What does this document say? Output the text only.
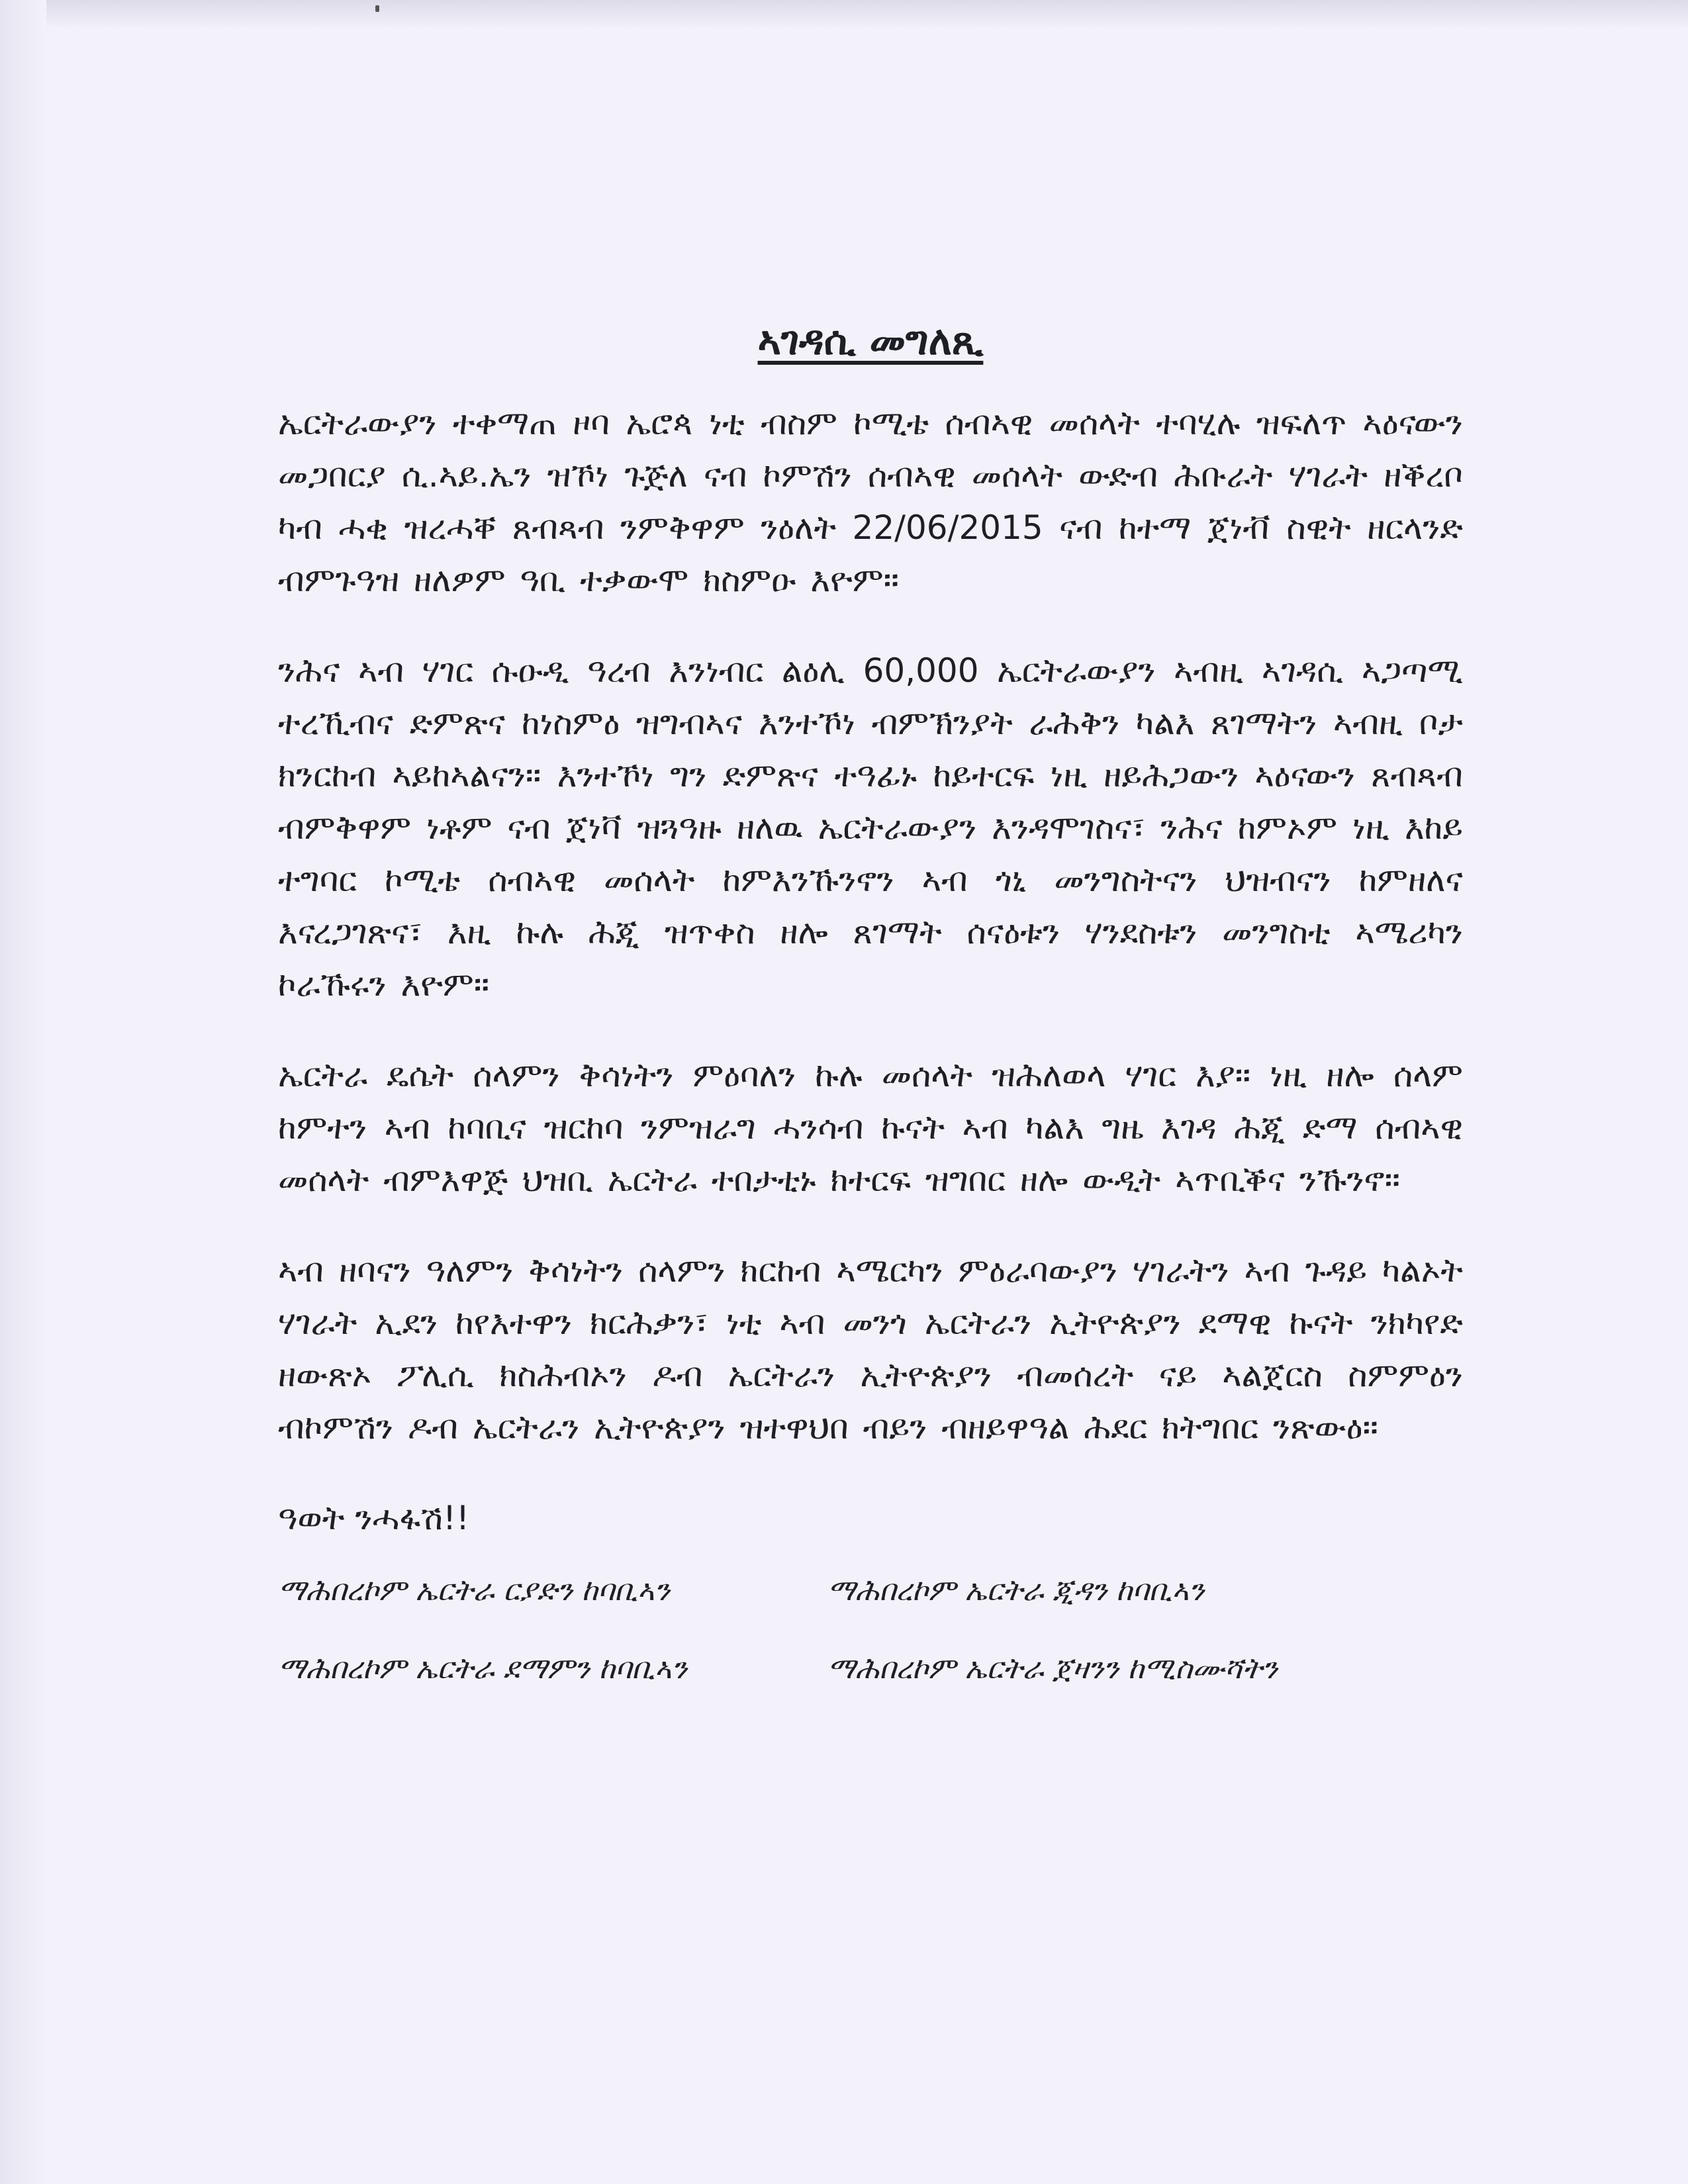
ኣገዳሲ መግለጺ

ኤርትራውያን ተቀማጠ ዞባ ኤሮጳ ነቲ ብስም ኮሚቴ ሰብኣዊ መሰላት ተባሂሉ ዝፍለጥ ኣዕናውን መጋበርያ ሲ.ኣይ.ኤን ዝኾነ ጉጅለ ናብ ኮምሽን ሰብኣዊ መሰላት ውድብ ሕቡራት ሃገራት ዘቕረቦ ካብ ሓቂ ዝረሓቐ ጸብጻብ ንምቅዋም ንዕለት 22/06/2015 ናብ ከተማ ጀነቭ ስዊት ዘርላንድ ብምጉዓዝ ዘለዎም ዓቢ ተቃውሞ ክስምዑ እዮም።

ንሕና ኣብ ሃገር ሱዑዲ ዓረብ እንነብር ልዕሊ 60,000 ኤርትራውያን ኣብዚ ኣገዳሲ ኣጋጣሚ ተረኺብና ድምጽና ከነስምዕ ዝግብኣና እንተኾነ ብምኽንያት ራሕቅን ካልእ ጸገማትን ኣብዚ ቦታ ክንርከብ ኣይከኣልናን። እንተኾነ ግን ድምጽና ተዓፊኑ ከይተርፍ ነዚ ዘይሕጋውን ኣዕናውን ጸብጻብ ብምቅዋም ነቶም ናብ ጀነቫ ዝጓዓዙ ዘለዉ ኤርትራውያን እንዳሞገስና፣ ንሕና ከምኦም ነዚ እከይ ተግባር ኮሚቴ ሰብኣዊ መሰላት ከምእንኹንኖን ኣብ ጎኒ መንግስትናን ህዝብናን ከምዘለና እናረጋገጽና፣ እዚ ኩሉ ሕጂ ዝጥቀስ ዘሎ ጸገማት ሰናዕቱን ሃንደስቱን መንግስቲ ኣሜሪካን ኮራኹሩን እዮም።

ኤርትራ ዴሴት ሰላምን ቅሳነትን ምዕባለን ኩሉ መሰላት ዝሕለወላ ሃገር እያ። ነዚ ዘሎ ሰላም ከምተን ኣብ ከባቢና ዝርከባ ንምዝራግ ሓንሳብ ኩናት ኣብ ካልእ ግዜ እገዳ ሕጂ ድማ ሰብኣዊ መሰላት ብምእዋጅ ህዝቢ ኤርትራ ተበታቲኑ ክተርፍ ዝግበር ዘሎ ውዲት ኣጥቢቕና ንኹንኖ።

ኣብ ዘባናን ዓለምን ቅሳነትን ሰላምን ክርከብ ኣሜርካን ምዕራባውያን ሃገራትን ኣብ ጉዳይ ካልኦት ሃገራት ኢደን ከየእተዋን ክርሕቃን፣ ነቲ ኣብ መንጎ ኤርትራን ኢትዮጵያን ደማዊ ኩናት ንክካየድ ዘውጽኦ ፖሊሲ ክስሕብኦን ዶብ ኤርትራን ኢትዮጵያን ብመሰረት ናይ ኣልጀርስ ስምምዕን ብኮምሽን ዶብ ኤርትራን ኢትዮጵያን ዝተዋህበ ብይን ብዘይዋዓል ሕደር ክትግበር ንጽውዕ።

ዓወት ንሓፋሽ!!

ማሕበረኮም ኤርትራ ርያድን ከባቢኣን	ማሕበረኮም ኤርትራ ጂዳን ከባቢኣን
ማሕበረኮም ኤርትራ ደማምን ከባቢኣን	ማሕበረኮም ኤርትራ ጀዛንን ከሚስሙሻትን
